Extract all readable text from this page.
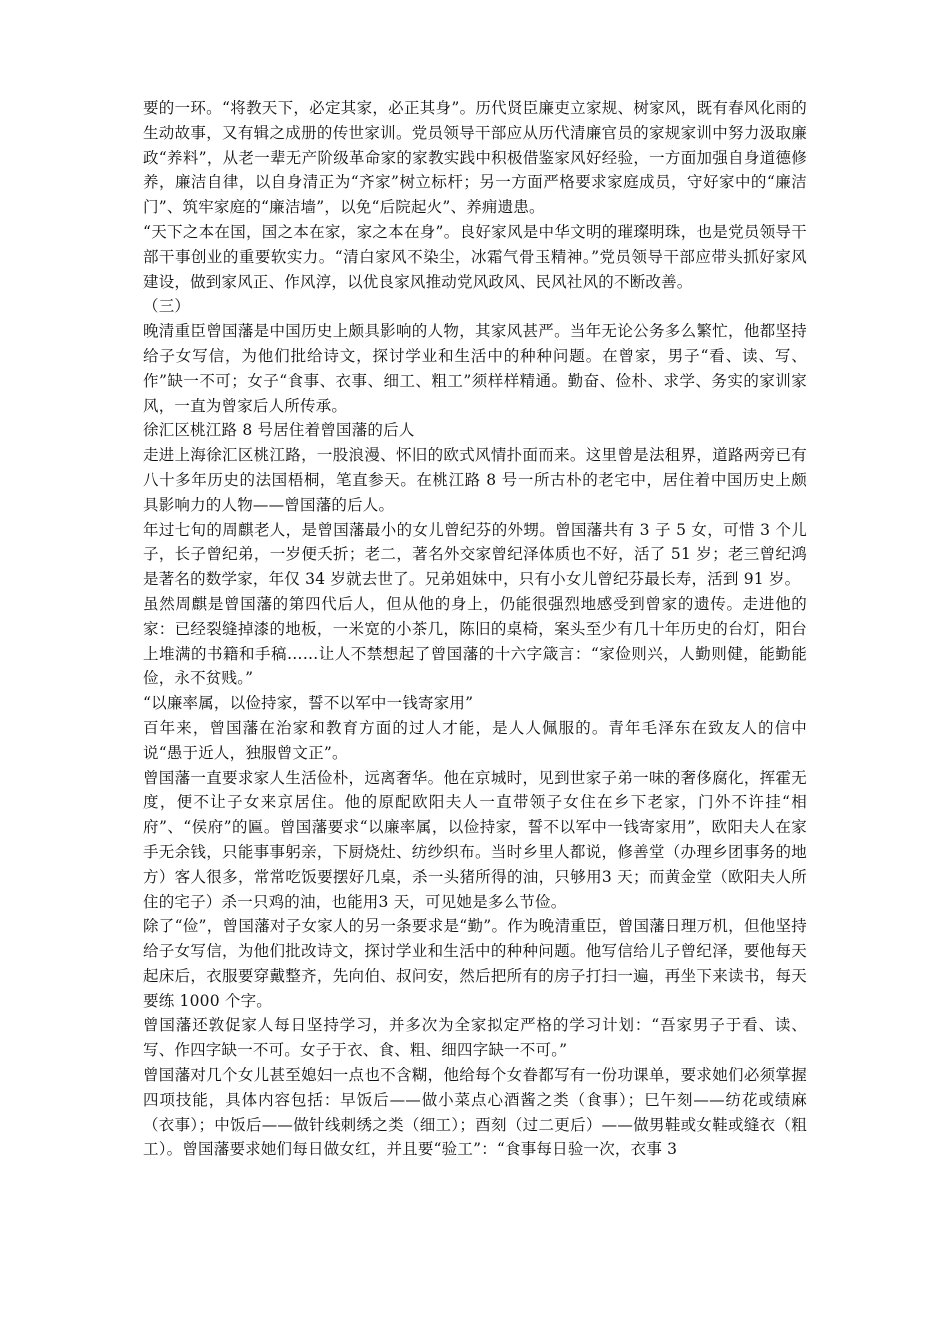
要的一环。“将教天下，必定其家，必正其身”。历代贤臣廉吏立家规、树家风，既有春风化雨的生动故事，又有辑之成册的传世家训。党员领导干部应从历代清廉官员的家规家训中努力汲取廉政“养料”，从老一辈无产阶级革命家的家教实践中积极借鉴家风好经验，一方面加强自身道德修养，廉洁自律，以自身清正为“齐家”树立标杆；另一方面严格要求家庭成员，守好家中的“廉洁门”、筑牢家庭的“廉洁墙”，以免“后院起火”、养痈遗患。

“天下之本在国，国之本在家，家之本在身”。良好家风是中华文明的璀璨明珠，也是党员领导干部干事创业的重要软实力。“清白家风不染尘，冰霜气骨玉精神。”党员领导干部应带头抓好家风建设，做到家风正、作风淳，以优良家风推动党风政风、民风社风的不断改善。

（三）

晚清重臣曾国藩是中国历史上颇具影响的人物，其家风甚严。当年无论公务多么繁忙，他都坚持给子女写信，为他们批给诗文，探讨学业和生活中的种种问题。在曾家，男子“看、读、写、作”缺一不可；女子“食事、衣事、细工、粗工”须样样精通。勤奋、俭朴、求学、务实的家训家风，一直为曾家后人所传承。

徐汇区桃江路 8 号居住着曾国藩的后人

走进上海徐汇区桃江路，一股浪漫、怀旧的欧式风情扑面而来。这里曾是法租界，道路两旁已有八十多年历史的法国梧桐，笔直参天。在桃江路 8 号一所古朴的老宅中，居住着中国历史上颇具影响力的人物——曾国藩的后人。

年过七旬的周麒老人，是曾国藩最小的女儿曾纪芬的外甥。曾国藩共有 3 子 5 女，可惜 3 个儿子，长子曾纪弟，一岁便夭折；老二，著名外交家曾纪泽体质也不好，活了 51 岁；老三曾纪鸿是著名的数学家，年仅 34 岁就去世了。兄弟姐妹中，只有小女儿曾纪芬最长寿，活到 91 岁。

虽然周麒是曾国藩的第四代后人，但从他的身上，仍能很强烈地感受到曾家的遗传。走进他的家：已经裂缝掉漆的地板，一米宽的小茶几，陈旧的桌椅，案头至少有几十年历史的台灯，阳台上堆满的书籍和手稿……让人不禁想起了曾国藩的十六字箴言：“家俭则兴，人勤则健，能勤能俭，永不贫贱。”

“以廉率属，以俭持家，誓不以军中一钱寄家用”

百年来，曾国藩在治家和教育方面的过人才能，是人人佩服的。青年毛泽东在致友人的信中说“愚于近人，独服曾文正”。

曾国藩一直要求家人生活俭朴，远离奢华。他在京城时，见到世家子弟一味的奢侈腐化，挥霍无度，便不让子女来京居住。他的原配欧阳夫人一直带领子女住在乡下老家，门外不许挂“相府”、“侯府”的匾。曾国藩要求“以廉率属，以俭持家，誓不以军中一钱寄家用”，欧阳夫人在家手无余钱，只能事事躬亲，下厨烧灶、纺纱织布。当时乡里人都说，修善堂（办理乡团事务的地方）客人很多，常常吃饭要摆好几桌，杀一头猪所得的油，只够用3 天；而黄金堂（欧阳夫人所住的宅子）杀一只鸡的油，也能用3 天，可见她是多么节俭。

除了“俭”，曾国藩对子女家人的另一条要求是“勤”。作为晚清重臣，曾国藩日理万机，但他坚持给子女写信，为他们批改诗文，探讨学业和生活中的种种问题。他写信给儿子曾纪泽，要他每天起床后，衣服要穿戴整齐，先向伯、叔问安，然后把所有的房子打扫一遍，再坐下来读书，每天要练 1000 个字。

曾国藩还敦促家人每日坚持学习，并多次为全家拟定严格的学习计划：“吾家男子于看、读、写、作四字缺一不可。女子于衣、食、粗、细四字缺一不可。”

曾国藩对几个女儿甚至媳妇一点也不含糊，他给每个女眷都写有一份功课单，要求她们必须掌握四项技能，具体内容包括：早饭后——做小菜点心酒酱之类（食事）；巳午刻——纺花或绩麻（衣事）；中饭后——做针线刺绣之类（细工）；酉刻（过二更后）——做男鞋或女鞋或缝衣（粗工）。曾国藩要求她们每日做女红，并且要“验工”：“食事每日验一次，衣事 3
